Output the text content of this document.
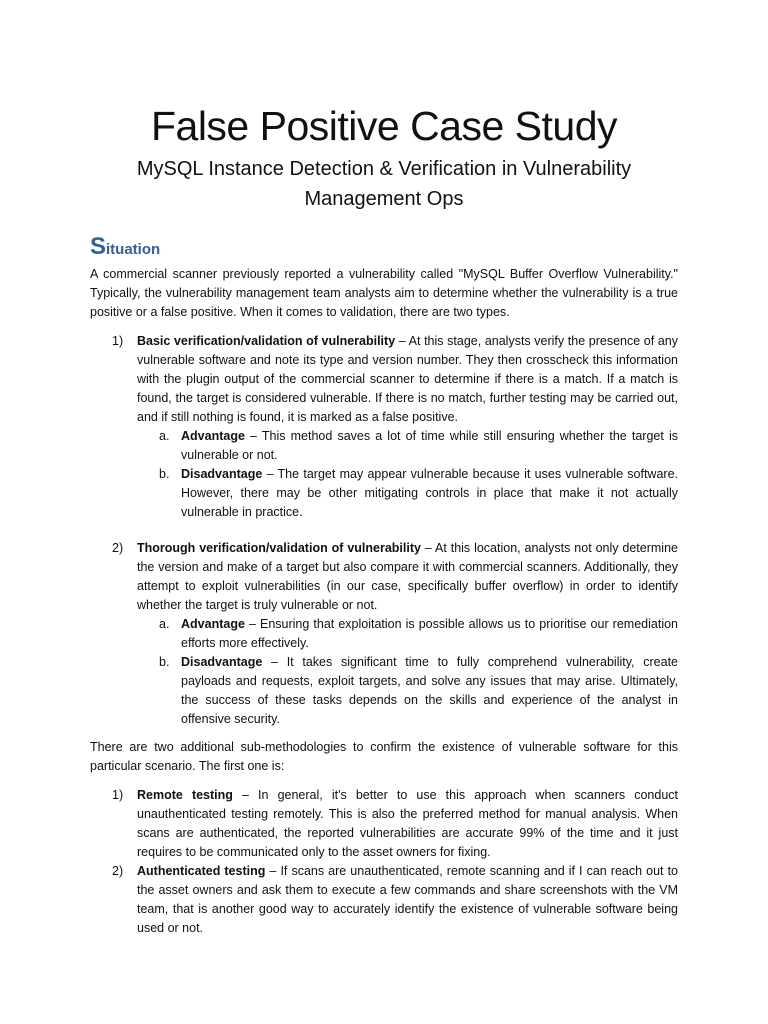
False Positive Case Study
MySQL Instance Detection & Verification in Vulnerability
Management Ops
Situation

A commercial scanner previously reported a vulnerability called "MySQL Buffer Overflow Vulnerability." Typically, the vulnerability management team analysts aim to determine whether the vulnerability is a true positive or a false positive. When it comes to validation, there are two types.

1) Basic verification/validation of vulnerability – At this stage, analysts verify the presence of any vulnerable software and note its type and version number. They then crosscheck this information with the plugin output of the commercial scanner to determine if there is a match. If a match is found, the target is considered vulnerable. If there is no match, further testing may be carried out, and if still nothing is found, it is marked as a false positive.
a. Advantage – This method saves a lot of time while still ensuring whether the target is vulnerable or not.
b. Disadvantage – The target may appear vulnerable because it uses vulnerable software. However, there may be other mitigating controls in place that make it not actually vulnerable in practice.
2) Thorough verification/validation of vulnerability – At this location, analysts not only determine the version and make of a target but also compare it with commercial scanners. Additionally, they attempt to exploit vulnerabilities (in our case, specifically buffer overflow) in order to identify whether the target is truly vulnerable or not.
a. Advantage – Ensuring that exploitation is possible allows us to prioritise our remediation efforts more effectively.
b. Disadvantage – It takes significant time to fully comprehend vulnerability, create payloads and requests, exploit targets, and solve any issues that may arise. Ultimately, the success of these tasks depends on the skills and experience of the analyst in offensive security.

There are two additional sub-methodologies to confirm the existence of vulnerable software for this particular scenario. The first one is:

1) Remote testing – In general, it's better to use this approach when scanners conduct unauthenticated testing remotely. This is also the preferred method for manual analysis. When scans are authenticated, the reported vulnerabilities are accurate 99% of the time and it just requires to be communicated only to the asset owners for fixing.
2) Authenticated testing – If scans are unauthenticated, remote scanning and if I can reach out to the asset owners and ask them to execute a few commands and share screenshots with the VM team, that is another good way to accurately identify the existence of vulnerable software being used or not.
